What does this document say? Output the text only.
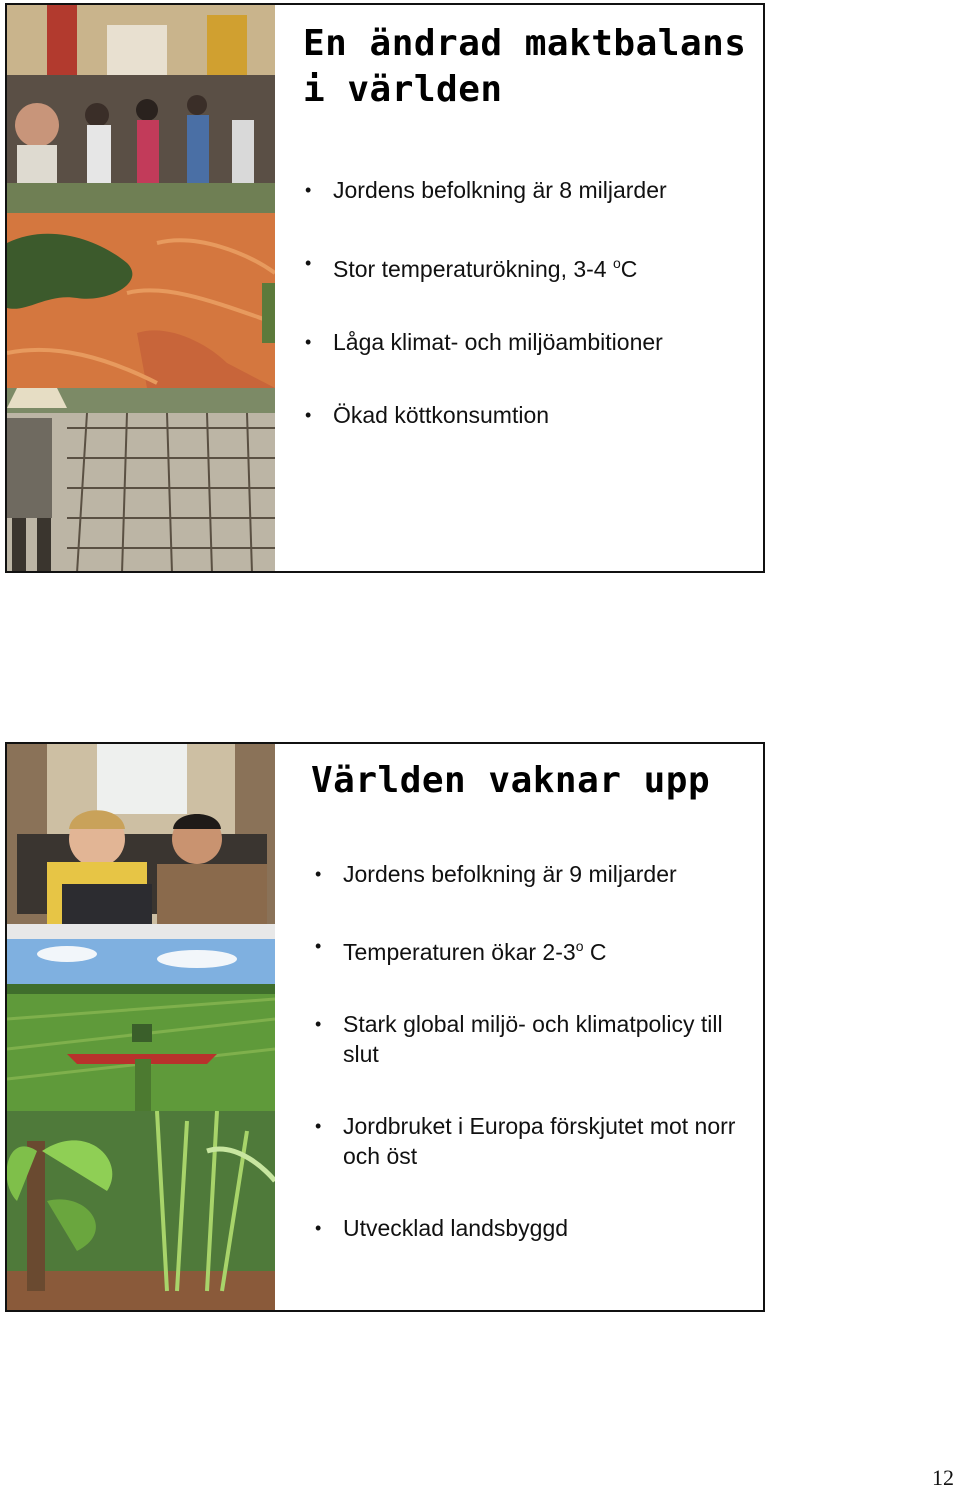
En ändrad maktbalans i världen
• Jordens befolkning är 8 miljarder
• Stor temperaturökning, 3-4 $^o$C
• Låga klimat- och miljöambitioner
• Ökad köttkonsumtion
Världen vaknar upp
• Jordens befolkning är 9 miljarder
• Temperaturen ökar 2-3$^o$ C
• Stark global miljö- och klimatpolicy till slut
• Jordbruket i Europa förskjutet mot norr och öst
• Utvecklad landsbyggd
12
